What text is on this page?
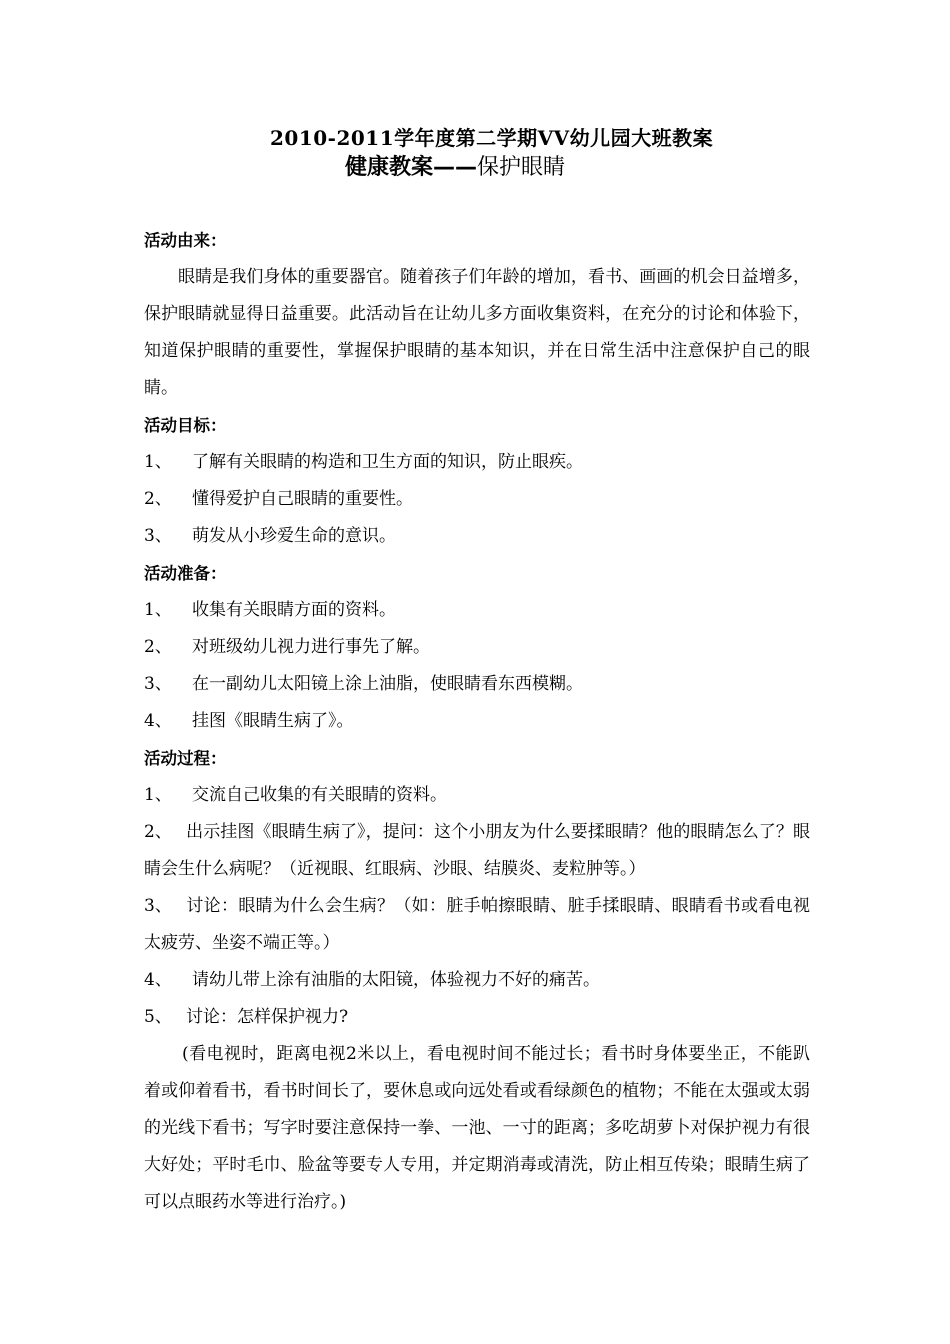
2010-2011学年度第二学期VV幼儿园大班教案
健康教案——保护眼睛
活动由来：
眼睛是我们身体的重要器官。随着孩子们年龄的增加，看书、画画的机会日益增多，保护眼睛就显得日益重要。此活动旨在让幼儿多方面收集资料，在充分的讨论和体验下，知道保护眼睛的重要性，掌握保护眼睛的基本知识，并在日常生活中注意保护自己的眼睛。
活动目标：
1、	了解有关眼睛的构造和卫生方面的知识，防止眼疾。
2、	懂得爱护自己眼睛的重要性。
3、	萌发从小珍爱生命的意识。
活动准备：
1、	收集有关眼睛方面的资料。
2、	对班级幼儿视力进行事先了解。
3、	在一副幼儿太阳镜上涂上油脂，使眼睛看东西模糊。
4、	挂图《眼睛生病了》。
活动过程：
1、	交流自己收集的有关眼睛的资料。
2、 出示挂图《眼睛生病了》，提问：这个小朋友为什么要揉眼睛？他的眼睛怎么了？眼睛会生什么病呢？（近视眼、红眼病、沙眼、结膜炎、麦粒肿等。）
3、 讨论：眼睛为什么会生病？（如：脏手帕擦眼睛、脏手揉眼睛、眼睛看书或看电视太疲劳、坐姿不端正等。）
4、	请幼儿带上涂有油脂的太阳镜，体验视力不好的痛苦。
5、 讨论：怎样保护视力?
(看电视时，距离电视2米以上，看电视时间不能过长；看书时身体要坐正，不能趴着或仰着看书，看书时间长了，要休息或向远处看或看绿颜色的植物；不能在太强或太弱的光线下看书；写字时要注意保持一拳、一池、一寸的距离；多吃胡萝卜对保护视力有很大好处；平时毛巾、脸盆等要专人专用，并定期消毒或清洗，防止相互传染；眼睛生病了可以点眼药水等进行治疗。)
